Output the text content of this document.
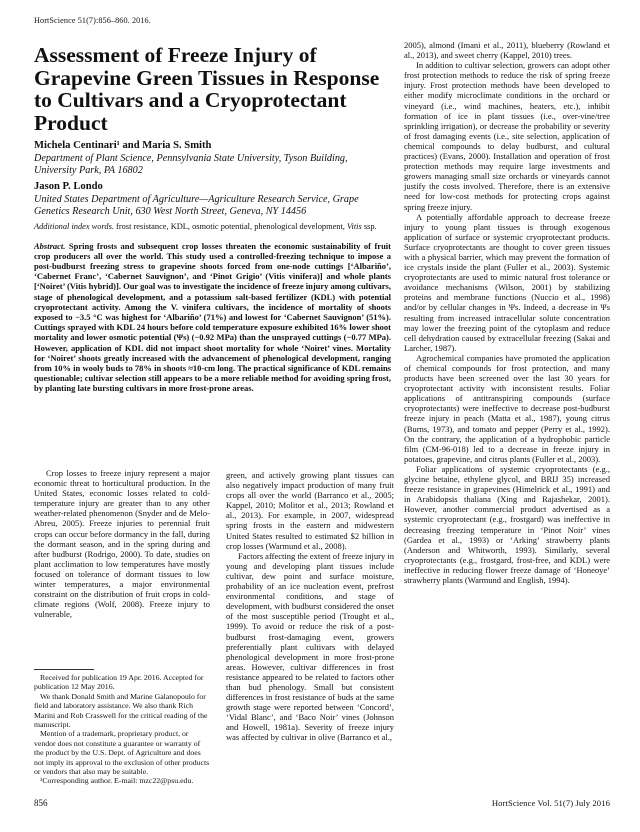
HortScience 51(7):856–860. 2016.
Assessment of Freeze Injury of Grapevine Green Tissues in Response to Cultivars and a Cryoprotectant Product
Michela Centinari¹ and Maria S. Smith
Department of Plant Science, Pennsylvania State University, Tyson Building, University Park, PA 16802
Jason P. Londo
United States Department of Agriculture—Agriculture Research Service, Grape Genetics Research Unit, 630 West North Street, Geneva, NY 14456
Additional index words. frost resistance, KDL, osmotic potential, phenological development, Vitis ssp.

Abstract. Spring frosts and subsequent crop losses threaten the economic sustainability of fruit crop producers all over the world. This study used a controlled-freezing technique to impose a post-budburst freezing stress to grapevine shoots forced from one-node cuttings [‘Albariño’, ‘Cabernet Franc’, ‘Cabernet Sauvignon’, and ‘Pinot Grigio’ (Vitis vinifera)] and whole plants [‘Noiret’ (Vitis hybrid)]. Our goal was to investigate the incidence of freeze injury among cultivars, stage of phenological development, and a potassium salt-based fertilizer (KDL) with potential cryoprotectant activity. Among the V. vinifera cultivars, the incidence of mortality of shoots exposed to −3.5 °C was highest for ‘Albariño’ (71%) and lowest for ‘Cabernet Sauvignon’ (51%). Cuttings sprayed with KDL 24 hours before cold temperature exposure exhibited 16% lower shoot mortality and lower osmotic potential (Ψs) (−0.92 MPa) than the unsprayed cuttings (−0.77 MPa). However, application of KDL did not impact shoot mortality for whole ‘Noiret’ vines. Mortality for ‘Noiret’ shoots greatly increased with the advancement of phenological development, ranging from 10% in wooly buds to 78% in shoots ≈10-cm long. The practical significance of KDL remains questionable; cultivar selection still appears to be a more reliable method for avoiding spring frost, by planting late bursting cultivars in more frost-prone areas.

Crop losses to freeze injury represent a major economic threat to horticultural production. In the United States, economic losses related to cold-temperature injury are greater than to any other weather-related phenomenon (Snyder and de Melo-Abreu, 2005). Freeze injuries to perennial fruit crops can occur before dormancy in the fall, during the dormant season, and in the spring during and after budburst (Rodrigo, 2000). To date, studies on plant acclimation to low temperatures have mostly focused on tolerance of dormant tissues to low winter temperatures, a major environmental constraint on the distribution of fruit crops in cold-climate regions (Wolf, 2008). Freeze injury to vulnerable,

Received for publication 19 Apr. 2016. Accepted for publication 12 May 2016.

We thank Donald Smith and Marine Galanopoulo for field and laboratory assistance. We also thank Rich Marini and Rob Crasswell for the critical reading of the manuscript.

Mention of a trademark, proprietary product, or vendor does not constitute a guarantee or warranty of the product by the U.S. Dept. of Agriculture and does not imply its approval to the exclusion of other products or vendors that also may be suitable.

¹Corresponding author. E-mail: mzc22@psu.edu.

green, and actively growing plant tissues can also negatively impact production of many fruit crops all over the world (Barranco et al., 2005; Kappel, 2010; Molitor et al., 2013; Rowland et al., 2013). For example, in 2007, widespread spring frosts in the eastern and midwestern United States resulted to estimated $2 billion in crop losses (Warmund et al., 2008).

Factors affecting the extent of freeze injury in young and developing plant tissues include cultivar, dew point and surface moisture, probability of an ice nucleation event, prefrost environmental conditions, and stage of development, with budburst considered the onset of the most susceptible period (Trought et al., 1999). To avoid or reduce the risk of a post-budburst frost-damaging event, growers preferentially plant cultivars with delayed phenological development in more frost-prone areas. However, cultivar differences in frost resistance appeared to be related to factors other than bud phenology. Small but consistent differences in frost resistance of buds at the same growth stage were reported between ‘Concord’, ‘Vidal Blanc’, and ‘Baco Noir’ vines (Johnson and Howell, 1981a). Severity of freeze injury was affected by cultivar in olive (Barranco et al.,

2005), almond (Imani et al., 2011), blueberry (Rowland et al., 2013), and sweet cherry (Kappel, 2010) trees.

In addition to cultivar selection, growers can adopt other frost protection methods to reduce the risk of spring freeze injury. Frost protection methods have been developed to either modify microclimate conditions in the orchard or vineyard (i.e., wind machines, heaters, etc.), inhibit formation of ice in plant tissues (i.e., over-vine/tree sprinkling irrigation), or decrease the probability or severity of frost damaging events (i.e., site selection, application of chemical compounds to delay budburst, and cultural practices) (Evans, 2000). Installation and operation of frost protection methods may require large investments and growers managing small size orchards or vineyards cannot justify the costs involved. Therefore, there is an extensive need for low-cost methods for protecting crops against spring freeze injury.

A potentially affordable approach to decrease freeze injury to young plant tissues is through exogenous application of surface or systemic cryoprotectant products. Surface cryoprotectants are thought to cover green tissues with a physical barrier, which may prevent the formation of ice crystals inside the plant (Fuller et al., 2003). Systemic cryoprotectants are used to mimic natural frost tolerance or avoidance mechanisms (Wilson, 2001) by stabilizing proteins and membrane functions (Nuccio et al., 1998) and/or by cellular changes in Ψs. Indeed, a decrease in Ψs resulting from increased intracellular solute concentration may lower the freezing point of the cytoplasm and reduce cell dehydration caused by extracellular freezing (Sakai and Larcher, 1987).

Agrochemical companies have promoted the application of chemical compounds for frost protection, and many products have been screened over the last 30 years for cryoprotectant activity with inconsistent results. Foliar applications of antitranspiring compounds (surface cryoprotectants) were ineffective to decrease post-budburst freeze injury in peach (Matta et al., 1987), young citrus (Burns, 1973), and tomato and pepper (Perry et al., 1992). On the contrary, the application of a hydrophobic particle film (CM-96-018) led to a decrease in freeze injury in potatoes, grapevine, and citrus plants (Fuller et al., 2003).

Foliar applications of systemic cryoprotectants (e.g., glycine betaine, ethylene glycol, and BRIJ 35) increased freeze resistance in grapevines (Himelrick et al., 1991) and in Arabidopsis thaliana (Xing and Rajashekar, 2001). However, another commercial product advertised as a systemic cryoprotectant (e.g., frostgard) was ineffective in decreasing freezing temperature in ‘Pinot Noir’ vines (Gardea et al., 1993) or ‘Arking’ strawberry plants (Anderson and Whitworth, 1993). Similarly, several cryoprotectants (e.g., frostgard, frost-free, and KDL) were ineffective in reducing flower freeze damage of ‘Honeoye’ strawberry plants (Warmund and English, 1994).

856	HortScience Vol. 51(7) July 2016
